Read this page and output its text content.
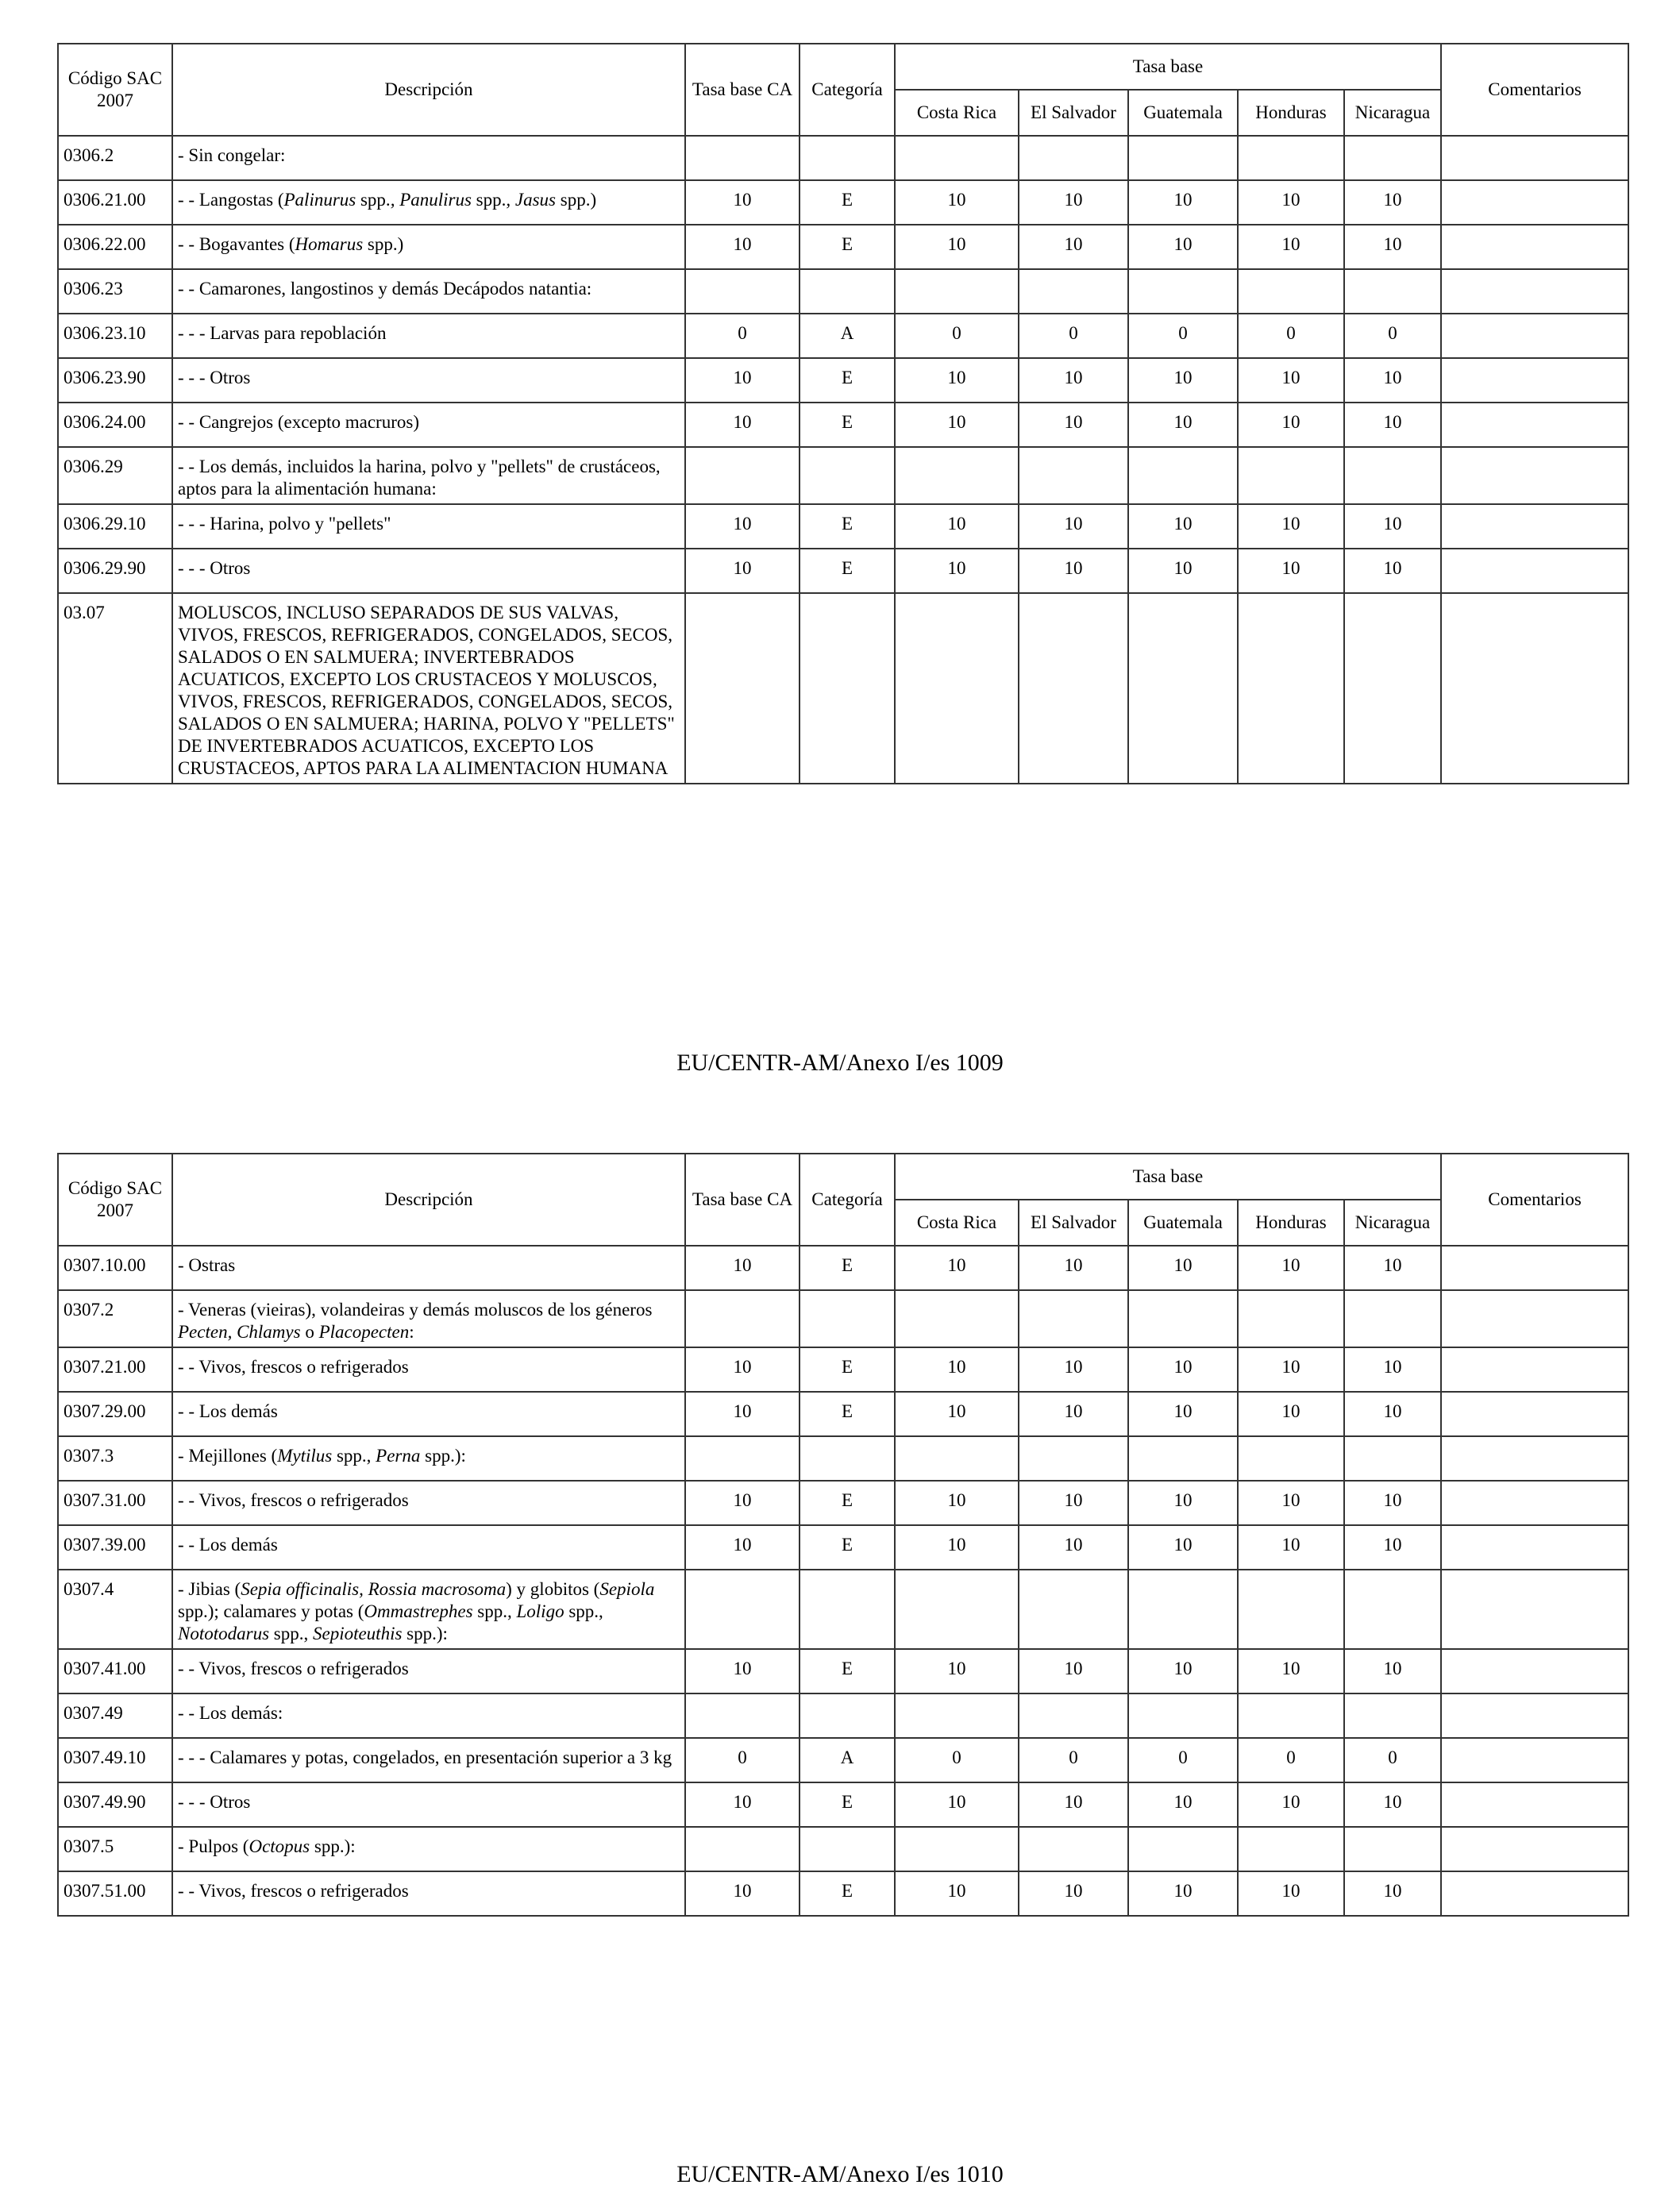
Código SAC 2007	Descripción	Tasa base CA	Categoría	Tasa base					Comentarios
				Costa Rica	El Salvador	Guatemala	Honduras	Nicaragua	
0306.2	- Sin congelar:								
0306.21.00	- - Langostas (Palinurus spp., Panulirus spp., Jasus spp.)	10	E	10	10	10	10	10	
0306.22.00	- - Bogavantes (Homarus spp.)	10	E	10	10	10	10	10	
0306.23	- - Camarones, langostinos y demás Decápodos natantia:								
0306.23.10	- - - Larvas para repoblación	0	A	0	0	0	0	0	
0306.23.90	- - - Otros	10	E	10	10	10	10	10	
0306.24.00	- - Cangrejos (excepto macruros)	10	E	10	10	10	10	10	
0306.29	- - Los demás, incluidos la harina, polvo y "pellets" de crustáceos, aptos para la alimentación humana:								
0306.29.10	- - - Harina, polvo y "pellets"	10	E	10	10	10	10	10	
0306.29.90	- - - Otros	10	E	10	10	10	10	10	
03.07	MOLUSCOS, INCLUSO SEPARADOS DE SUS VALVAS, VIVOS, FRESCOS, REFRIGERADOS, CONGELADOS, SECOS, SALADOS O EN SALMUERA; INVERTEBRADOS ACUATICOS, EXCEPTO LOS CRUSTACEOS Y MOLUSCOS, VIVOS, FRESCOS, REFRIGERADOS, CONGELADOS, SECOS, SALADOS O EN SALMUERA; HARINA, POLVO Y "PELLETS" DE INVERTEBRADOS ACUATICOS, EXCEPTO LOS CRUSTACEOS, APTOS PARA LA ALIMENTACION HUMANA								
EU/CENTR-AM/Anexo I/es 1009
Código SAC 2007	Descripción	Tasa base CA	Categoría	Tasa base					Comentarios
				Costa Rica	El Salvador	Guatemala	Honduras	Nicaragua	
0307.10.00	- Ostras	10	E	10	10	10	10	10	
0307.2	- Veneras (vieiras), volandeiras y demás moluscos de los géneros Pecten, Chlamys o Placopecten:								
0307.21.00	- - Vivos, frescos o refrigerados	10	E	10	10	10	10	10	
0307.29.00	- - Los demás	10	E	10	10	10	10	10	
0307.3	- Mejillones (Mytilus spp., Perna spp.):								
0307.31.00	- - Vivos, frescos o refrigerados	10	E	10	10	10	10	10	
0307.39.00	- - Los demás	10	E	10	10	10	10	10	
0307.4	- Jibias (Sepia officinalis, Rossia macrosoma) y globitos (Sepiola spp.); calamares y potas (Ommastrephes spp., Loligo spp., Nototodarus spp., Sepioteuthis spp.):								
0307.41.00	- - Vivos, frescos o refrigerados	10	E	10	10	10	10	10	
0307.49	- - Los demás:								
0307.49.10	- - - Calamares y potas, congelados, en presentación superior a 3 kg	0	A	0	0	0	0	0	
0307.49.90	- - - Otros	10	E	10	10	10	10	10	
0307.5	- Pulpos (Octopus spp.):								
0307.51.00	- - Vivos, frescos o refrigerados	10	E	10	10	10	10	10	
EU/CENTR-AM/Anexo I/es 1010
